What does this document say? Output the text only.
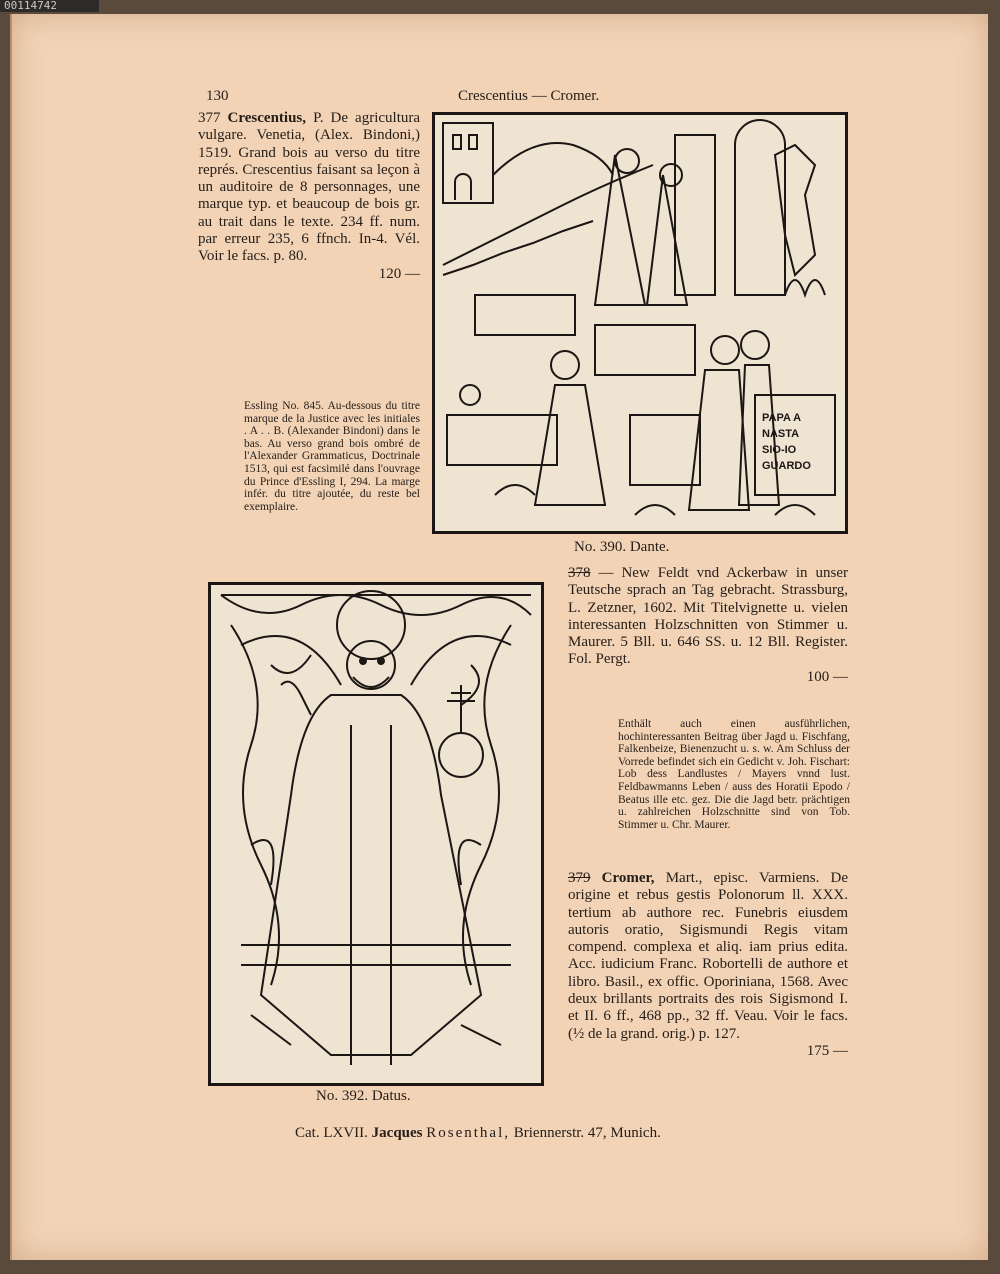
130	Crescentius — Cromer.
377 Crescentius, P. De agricultura vulgare. Venetia, (Alex. Bindoni,) 1519. Grand bois au verso du titre représ. Crescentius faisant sa leçon à un auditoire de 8 personnages, une marque typ. et beaucoup de bois gr. au trait dans le texte. 234 ff. num. par erreur 235, 6 ffnch. In-4. Vél. Voir le facs. p. 80.
120 —
Essling No. 845. Au-dessous du titre marque de la Justice avec les initiales . A . . B. (Alexander Bindoni) dans le bas. Au verso grand bois ombré de l'Alexander Grammaticus, Doctrinale 1513, qui est facsimilé dans l'ouvrage du Prince d'Essling I, 294. La marge infér. du titre ajoutée, du reste bel exemplaire.
PAPA A
NASTA
SIO-IO
GUARDO
No. 390. Dante.
No. 392. Datus.
378 — New Feldt vnd Ackerbaw in unser Teutsche sprach an Tag gebracht. Strassburg, L. Zetzner, 1602. Mit Titelvignette u. vielen interessanten Holzschnitten von Stimmer u. Maurer. 5 Bll. u. 646 SS. u. 12 Bll. Register. Fol. Pergt.
100 —
Enthält auch einen ausführlichen, hochinteressanten Beitrag über Jagd u. Fischfang, Falkenbeize, Bienenzucht u. s. w. Am Schluss der Vorrede befindet sich ein Gedicht v. Joh. Fischart: Lob dess Landlustes / Mayers vnnd lust. Feldbawmanns Leben / auss des Horatii Epodo / Beatus ille etc. gez. Die die Jagd betr. prächtigen u. zahlreichen Holzschnitte sind von Tob. Stimmer u. Chr. Maurer.
379 Cromer, Mart., episc. Varmiens. De origine et rebus gestis Polonorum ll. XXX. tertium ab authore rec. Funebris eiusdem autoris oratio, Sigismundi Regis vitam compend. complexa et aliq. iam prius edita. Acc. iudicium Franc. Robortelli de authore et libro. Basil., ex offic. Oporiniana, 1568. Avec deux brillants portraits des rois Sigismond I. et II. 6 ff., 468 pp., 32 ff. Veau. Voir le facs. (½ de la grand. orig.) p. 127.
175 —
Cat. LXVII. Jacques Rosenthal, Briennerstr. 47, Munich.
00114742
